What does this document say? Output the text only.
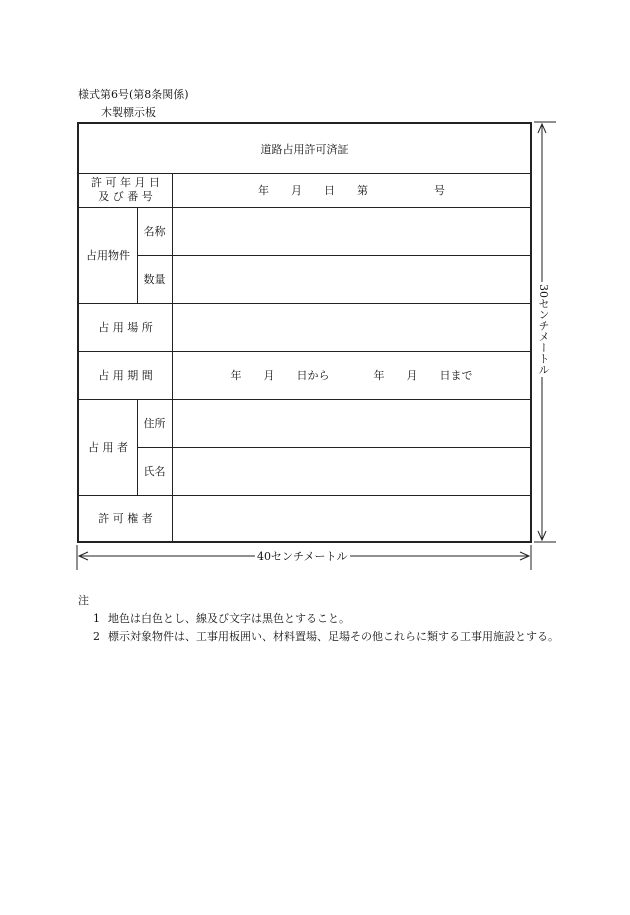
様式第6号(第8条関係)
木製標示板
道路占用許可済証
許 可 年 月 日
及 び 番 号	年　　月　　日　　第　　　　　　号
占用物件
名称
数量
占 用 場 所
占 用 期 間	年　　月　　日から　　　　年　　月　　日まで
占 用 者
住所
氏名
許 可 権 者
40センチメートル
30センチメートル
注
1 地色は白色とし、線及び文字は黒色とすること。
2 標示対象物件は、工事用板囲い、材料置場、足場その他これらに類する工事用施設とする。
